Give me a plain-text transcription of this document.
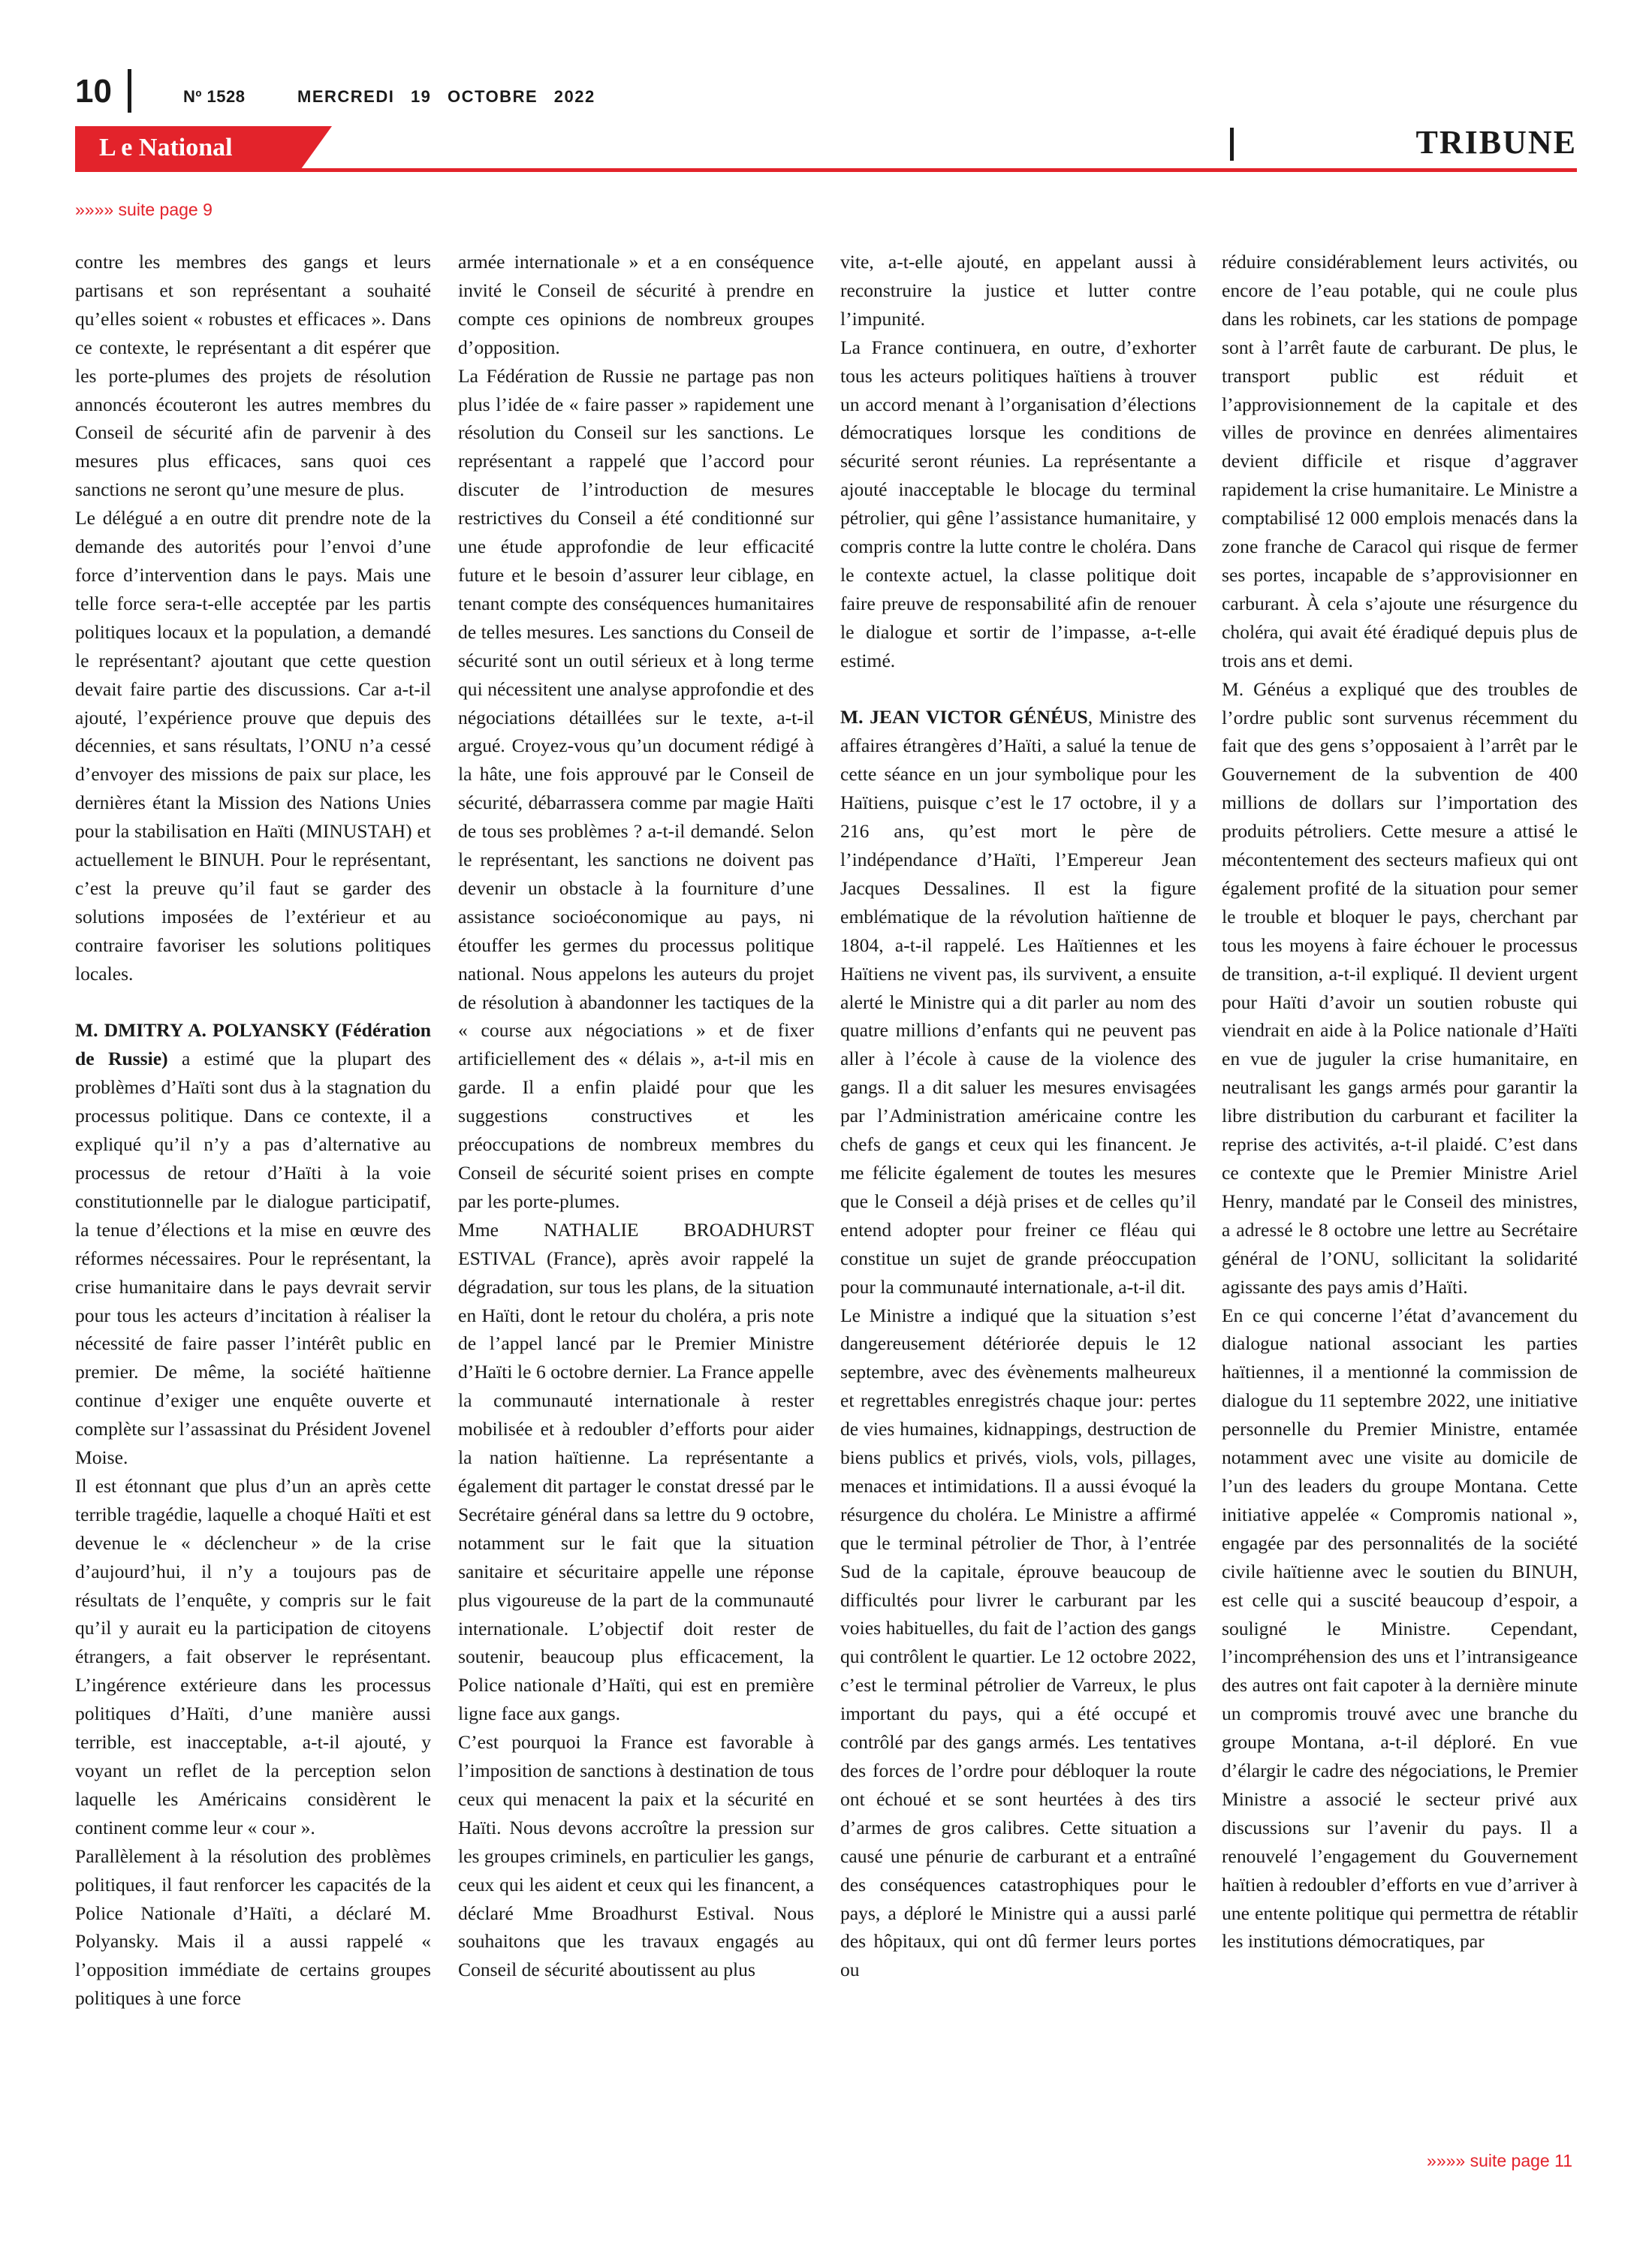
10	Nº 1528	MERCREDI 19 OCTOBRE 2022
L e National	TRIBUNE
»»»» suite page 9

contre les membres des gangs et leurs partisans et son représentant a souhaité qu’elles soient « robustes et efficaces ». Dans ce contexte, le représentant a dit espérer que les porte-plumes des projets de résolution annoncés écouteront les autres membres du Conseil de sécurité afin de parvenir à des mesures plus efficaces, sans quoi ces sanctions ne seront qu’une mesure de plus.

Le délégué a en outre dit prendre note de la demande des autorités pour l’envoi d’une force d’intervention dans le pays. Mais une telle force sera-t-elle acceptée par les partis politiques locaux et la population, a demandé le représentant? ajoutant que cette question devait faire partie des discussions. Car a-t-il ajouté, l’expérience prouve que depuis des décennies, et sans résultats, l’ONU n’a cessé d’envoyer des missions de paix sur place, les dernières étant la Mission des Nations Unies pour la stabilisation en Haïti (MINUSTAH) et actuellement le BINUH. Pour le représentant, c’est la preuve qu’il faut se garder des solutions imposées de l’extérieur et au contraire favoriser les solutions politiques locales.

M. DMITRY A. POLYANSKY (Fédération de Russie) a estimé que la plupart des problèmes d’Haïti sont dus à la stagnation du processus politique. Dans ce contexte, il a expliqué qu’il n’y a pas d’alternative au processus de retour d’Haïti à la voie constitutionnelle par le dialogue participatif, la tenue d’élections et la mise en œuvre des réformes nécessaires. Pour le représentant, la crise humanitaire dans le pays devrait servir pour tous les acteurs d’incitation à réaliser la nécessité de faire passer l’intérêt public en premier. De même, la société haïtienne continue d’exiger une enquête ouverte et complète sur l’assassinat du Président Jovenel Moise.

Il est étonnant que plus d’un an après cette terrible tragédie, laquelle a choqué Haïti et est devenue le « déclencheur » de la crise d’aujourd’hui, il n’y a toujours pas de résultats de l’enquête, y compris sur le fait qu’il y aurait eu la participation de citoyens étrangers, a fait observer le représentant. L’ingérence extérieure dans les processus politiques d’Haïti, d’une manière aussi terrible, est inacceptable, a-t-il ajouté, y voyant un reflet de la perception selon laquelle les Américains considèrent le continent comme leur « cour ».

Parallèlement à la résolution des problèmes politiques, il faut renforcer les capacités de la Police Nationale d’Haïti, a déclaré M. Polyansky. Mais il a aussi rappelé « l’opposition immédiate de certains groupes politiques à une force

armée internationale » et a en conséquence invité le Conseil de sécurité à prendre en compte ces opinions de nombreux groupes d’opposition.

La Fédération de Russie ne partage pas non plus l’idée de « faire passer » rapidement une résolution du Conseil sur les sanctions. Le représentant a rappelé que l’accord pour discuter de l’introduction de mesures restrictives du Conseil a été conditionné sur une étude approfondie de leur efficacité future et le besoin d’assurer leur ciblage, en tenant compte des conséquences humanitaires de telles mesures. Les sanctions du Conseil de sécurité sont un outil sérieux et à long terme qui nécessitent une analyse approfondie et des négociations détaillées sur le texte, a-t-il argué. Croyez-vous qu’un document rédigé à la hâte, une fois approuvé par le Conseil de sécurité, débarrassera comme par magie Haïti de tous ses problèmes ? a-t-il demandé. Selon le représentant, les sanctions ne doivent pas devenir un obstacle à la fourniture d’une assistance socioéconomique au pays, ni étouffer les germes du processus politique national. Nous appelons les auteurs du projet de résolution à abandonner les tactiques de la « course aux négociations » et de fixer artificiellement des « délais », a-t-il mis en garde. Il a enfin plaidé pour que les suggestions constructives et les préoccupations de nombreux membres du Conseil de sécurité soient prises en compte par les porte-plumes.

Mme NATHALIE BROADHURST ESTIVAL (France), après avoir rappelé la dégradation, sur tous les plans, de la situation en Haïti, dont le retour du choléra, a pris note de l’appel lancé par le Premier Ministre d’Haïti le 6 octobre dernier. La France appelle la communauté internationale à rester mobilisée et à redoubler d’efforts pour aider la nation haïtienne. La représentante a également dit partager le constat dressé par le Secrétaire général dans sa lettre du 9 octobre, notamment sur le fait que la situation sanitaire et sécuritaire appelle une réponse plus vigoureuse de la part de la communauté internationale. L’objectif doit rester de soutenir, beaucoup plus efficacement, la Police nationale d’Haïti, qui est en première ligne face aux gangs.

C’est pourquoi la France est favorable à l’imposition de sanctions à destination de tous ceux qui menacent la paix et la sécurité en Haïti. Nous devons accroître la pression sur les groupes criminels, en particulier les gangs, ceux qui les aident et ceux qui les financent, a déclaré Mme Broadhurst Estival. Nous souhaitons que les travaux engagés au Conseil de sécurité aboutissent au plus

vite, a-t-elle ajouté, en appelant aussi à reconstruire la justice et lutter contre l’impunité.

La France continuera, en outre, d’exhorter tous les acteurs politiques haïtiens à trouver un accord menant à l’organisation d’élections démocratiques lorsque les conditions de sécurité seront réunies. La représentante a ajouté inacceptable le blocage du terminal pétrolier, qui gêne l’assistance humanitaire, y compris contre la lutte contre le choléra. Dans le contexte actuel, la classe politique doit faire preuve de responsabilité afin de renouer le dialogue et sortir de l’impasse, a-t-elle estimé.

M. JEAN VICTOR GÉNÉUS, Ministre des affaires étrangères d’Haïti, a salué la tenue de cette séance en un jour symbolique pour les Haïtiens, puisque c’est le 17 octobre, il y a 216 ans, qu’est mort le père de l’indépendance d’Haïti, l’Empereur Jean Jacques Dessalines. Il est la figure emblématique de la révolution haïtienne de 1804, a-t-il rappelé. Les Haïtiennes et les Haïtiens ne vivent pas, ils survivent, a ensuite alerté le Ministre qui a dit parler au nom des quatre millions d’enfants qui ne peuvent pas aller à l’école à cause de la violence des gangs. Il a dit saluer les mesures envisagées par l’Administration américaine contre les chefs de gangs et ceux qui les financent. Je me félicite également de toutes les mesures que le Conseil a déjà prises et de celles qu’il entend adopter pour freiner ce fléau qui constitue un sujet de grande préoccupation pour la communauté internationale, a-t-il dit.

Le Ministre a indiqué que la situation s’est dangereusement détériorée depuis le 12 septembre, avec des évènements malheureux et regrettables enregistrés chaque jour: pertes de vies humaines, kidnappings, destruction de biens publics et privés, viols, vols, pillages, menaces et intimidations. Il a aussi évoqué la résurgence du choléra. Le Ministre a affirmé que le terminal pétrolier de Thor, à l’entrée Sud de la capitale, éprouve beaucoup de difficultés pour livrer le carburant par les voies habituelles, du fait de l’action des gangs qui contrôlent le quartier. Le 12 octobre 2022, c’est le terminal pétrolier de Varreux, le plus important du pays, qui a été occupé et contrôlé par des gangs armés. Les tentatives des forces de l’ordre pour débloquer la route ont échoué et se sont heurtées à des tirs d’armes de gros calibres. Cette situation a causé une pénurie de carburant et a entraîné des conséquences catastrophiques pour le pays, a déploré le Ministre qui a aussi parlé des hôpitaux, qui ont dû fermer leurs portes ou

réduire considérablement leurs activités, ou encore de l’eau potable, qui ne coule plus dans les robinets, car les stations de pompage sont à l’arrêt faute de carburant. De plus, le transport public est réduit et l’approvisionnement de la capitale et des villes de province en denrées alimentaires devient difficile et risque d’aggraver rapidement la crise humanitaire. Le Ministre a comptabilisé 12 000 emplois menacés dans la zone franche de Caracol qui risque de fermer ses portes, incapable de s’approvisionner en carburant. À cela s’ajoute une résurgence du choléra, qui avait été éradiqué depuis plus de trois ans et demi.

M. Généus a expliqué que des troubles de l’ordre public sont survenus récemment du fait que des gens s’opposaient à l’arrêt par le Gouvernement de la subvention de 400 millions de dollars sur l’importation des produits pétroliers. Cette mesure a attisé le mécontentement des secteurs mafieux qui ont également profité de la situation pour semer le trouble et bloquer le pays, cherchant par tous les moyens à faire échouer le processus de transition, a-t-il expliqué. Il devient urgent pour Haïti d’avoir un soutien robuste qui viendrait en aide à la Police nationale d’Haïti en vue de juguler la crise humanitaire, en neutralisant les gangs armés pour garantir la libre distribution du carburant et faciliter la reprise des activités, a-t-il plaidé. C’est dans ce contexte que le Premier Ministre Ariel Henry, mandaté par le Conseil des ministres, a adressé le 8 octobre une lettre au Secrétaire général de l’ONU, sollicitant la solidarité agissante des pays amis d’Haïti.

En ce qui concerne l’état d’avancement du dialogue national associant les parties haïtiennes, il a mentionné la commission de dialogue du 11 septembre 2022, une initiative personnelle du Premier Ministre, entamée notamment avec une visite au domicile de l’un des leaders du groupe Montana. Cette initiative appelée « Compromis national », engagée par des personnalités de la société civile haïtienne avec le soutien du BINUH, est celle qui a suscité beaucoup d’espoir, a souligné le Ministre. Cependant, l’incompréhension des uns et l’intransigeance des autres ont fait capoter à la dernière minute un compromis trouvé avec une branche du groupe Montana, a-t-il déploré. En vue d’élargir le cadre des négociations, le Premier Ministre a associé le secteur privé aux discussions sur l’avenir du pays. Il a renouvelé l’engagement du Gouvernement haïtien à redoubler d’efforts en vue d’arriver à une entente politique qui permettra de rétablir les institutions démocratiques, par

»»»» suite page 11
